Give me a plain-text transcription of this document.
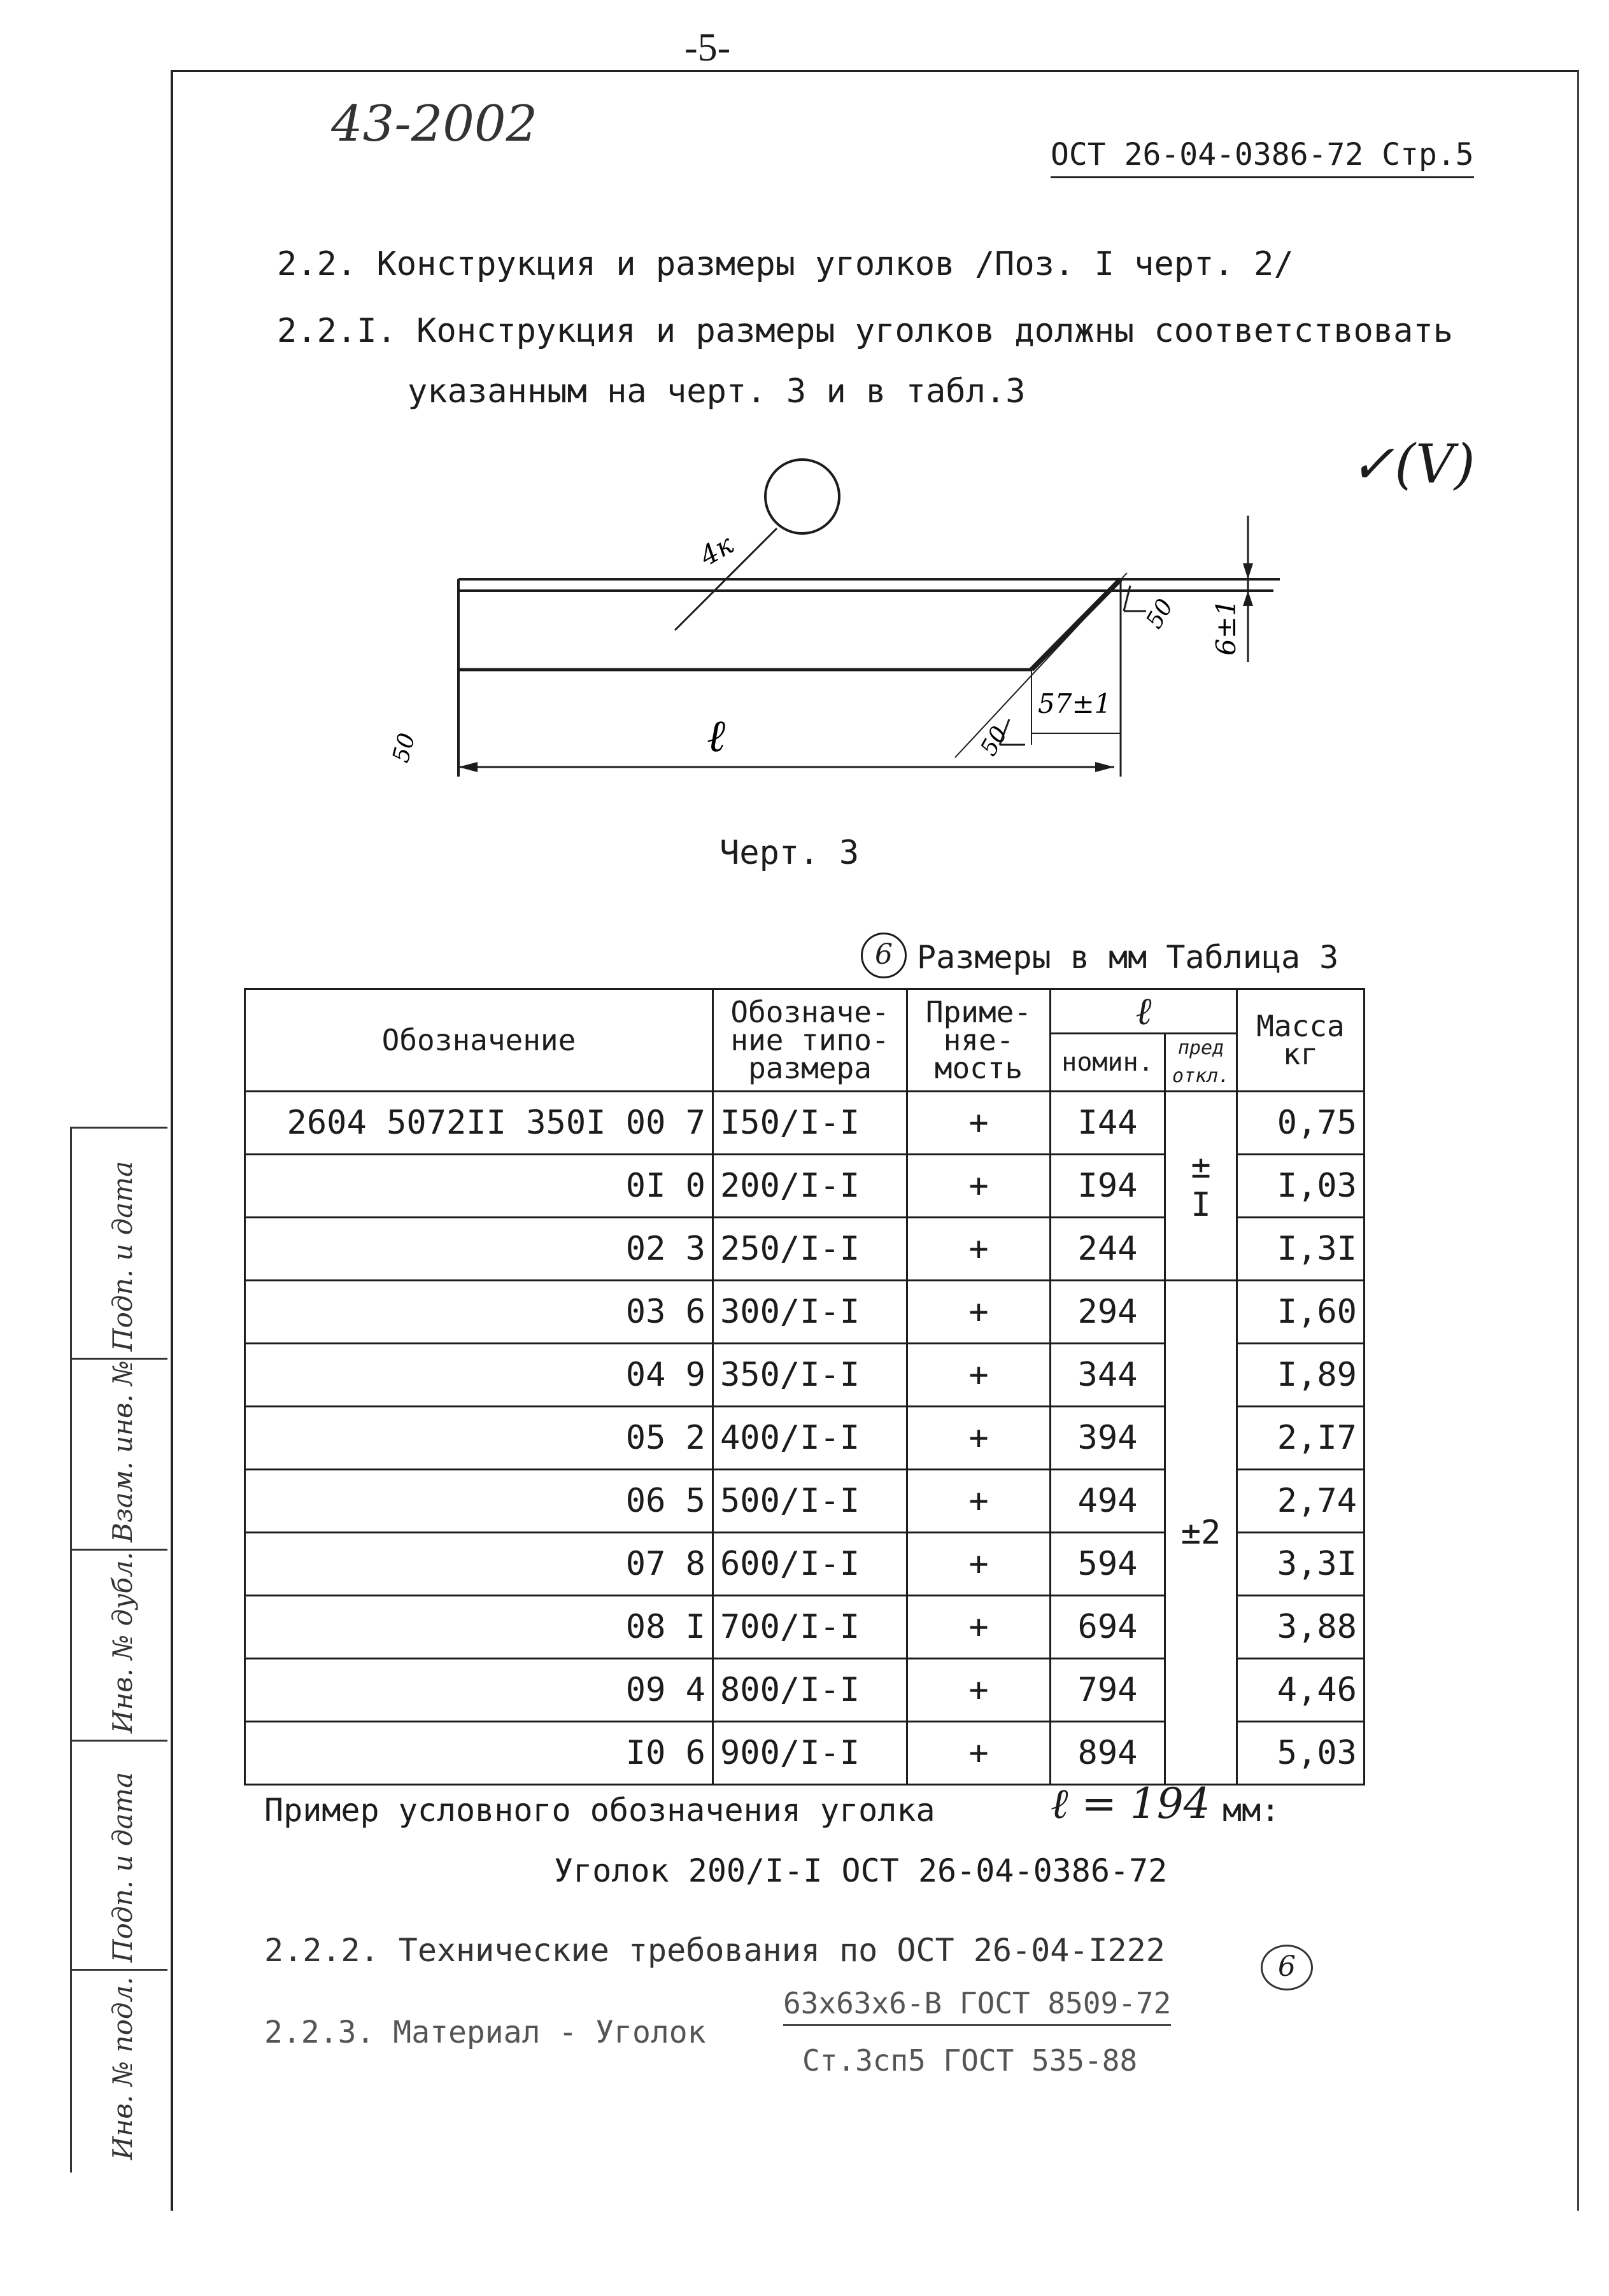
-5-
43-2002
ОСТ 26-04-0386-72 Стр.5
2.2. Конструкция и размеры уголков /Поз. I черт. 2/
2.2.I. Конструкция и размеры уголков должны соответствовать
указанным на черт. 3 и в табл.3
✓(V)
4к
50	ℓ	50
57±1
50 6±1
Черт. 3
6 Размеры в мм Таблица 3
Обозначение	Обозначе-ние типо-размера	Приме-няе-мость	ℓ		Масса кг
			номин.	пред откл.	
2604 5072II 350I 00 7	I50/I-I	+	I44	± I	0,75
0I 0	200/I-I	+	I94		I,03
02 3	250/I-I	+	244		I,3I
03 6	300/I-I	+	294	±2	I,60
04 9	350/I-I	+	344		I,89
05 2	400/I-I	+	394		2,I7
06 5	500/I-I	+	494		2,74
07 8	600/I-I	+	594		3,3I
08 I	700/I-I	+	694		3,88
09 4	800/I-I	+	794		4,46
I0 6	900/I-I	+	894		5,03
Пример условного обозначения уголка	ℓ = 194 мм:
Уголок 200/I-I ОСТ 26-04-0386-72
2.2.2. Технические требования по ОСТ 26-04-I222
2.2.3. Материал - Уголок
63x63x6-В ГОСТ 8509-72
Ст.3сп5 ГОСТ 535-88
6
Подп. и дата
Взам. инв. №
Инв. № дубл.
Подп. и дата
Инв. № подл.
